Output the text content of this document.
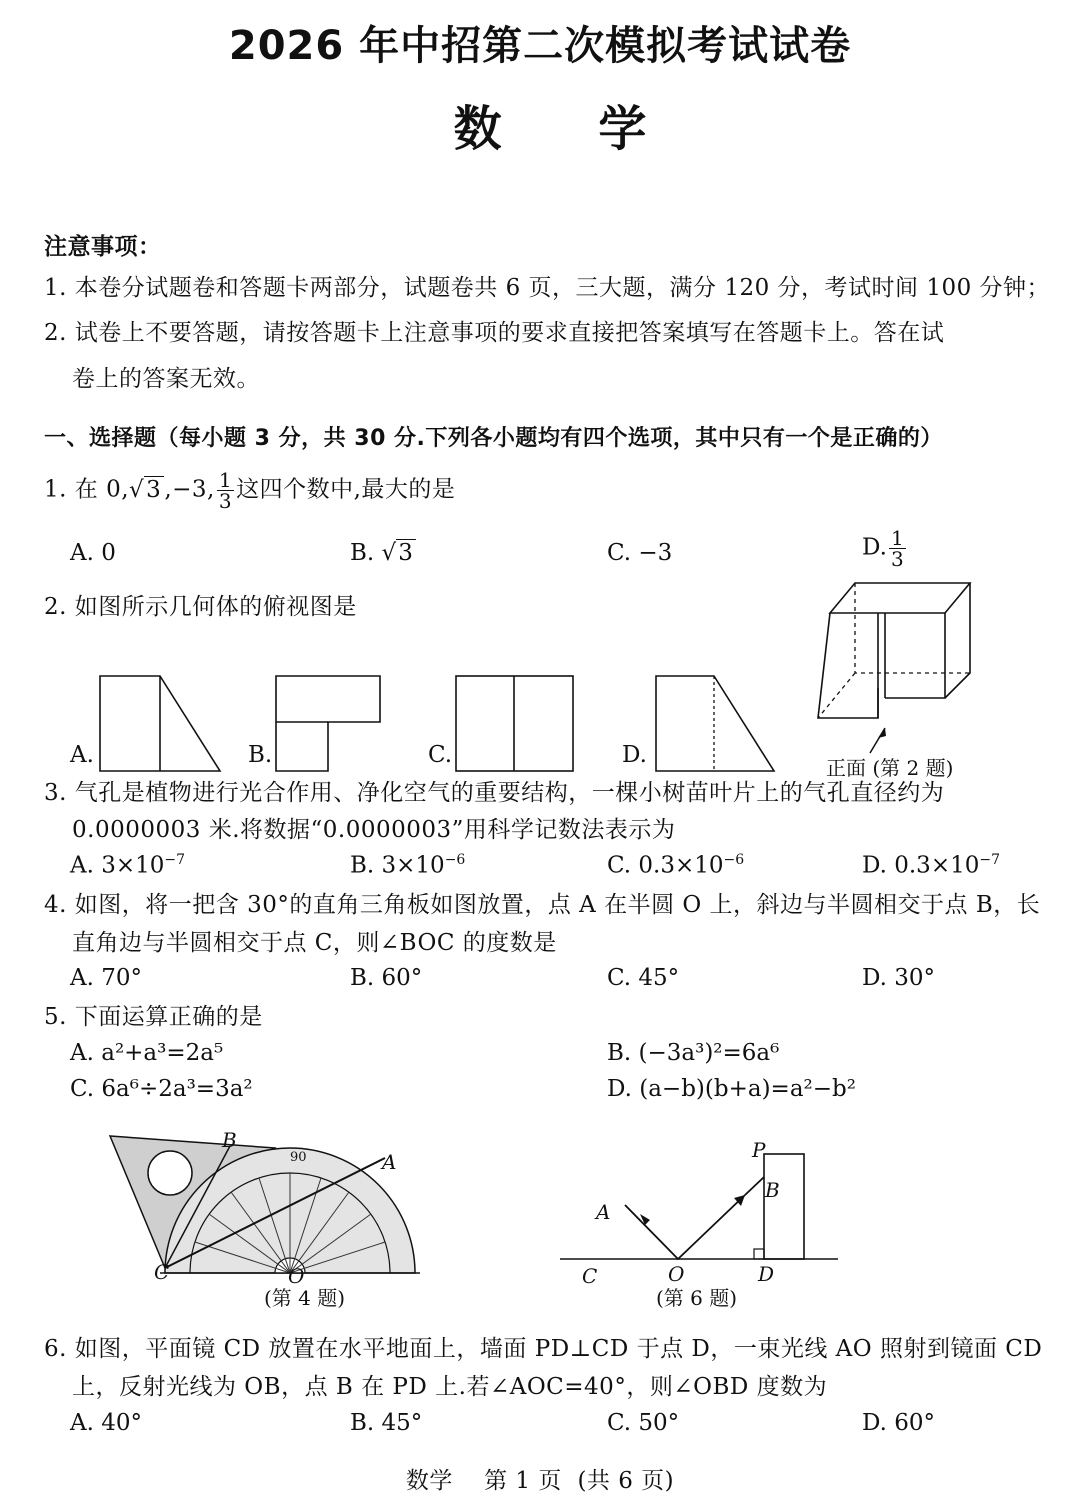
2026 年中招第二次模拟考试试卷
数 学
注意事项：
1. 本卷分试题卷和答题卡两部分，试题卷共 6 页，三大题，满分 120 分，考试时间 100 分钟；
2. 试卷上不要答题，请按答题卡上注意事项的要求直接把答案填写在答题卡上。答在试
卷上的答案无效。
一、选择题（每小题 3 分，共 30 分.下列各小题均有四个选项，其中只有一个是正确的）
1. 在 0,√3 ,−3, $\frac{1}{3}$ 这四个数中,最大的是
A. 0	B. √3	C. −3	D. $\frac{1}{3}$
2. 如图所示几何体的俯视图是
正面 (第 2 题)
A.	B.	C.	D.
3. 气孔是植物进行光合作用、净化空气的重要结构，一棵小树苗叶片上的气孔直径约为
0.0000003 米.将数据“0.0000003”用科学记数法表示为
A. $3\times 10^{-7}$	B. $3\times 10^{-6}$	C. $0.3\times 10^{-6}$	D. $0.3\times 10^{-7}$
4. 如图，将一把含 30°的直角三角板如图放置，点 A 在半圆 O 上，斜边与半圆相交于点 B，长
直角边与半圆相交于点 C，则∠BOC 的度数是
A. 70°	B. 60°	C. 45°	D. 30°
5. 下面运算正确的是
A. a²+a³=2a⁵	B. (−3a³)²=6a⁶
C. 6a⁶÷2a³=3a²	D. (a−b)(b+a)=a²−b²
B
A
C	O
90
(第 4 题)
P
B
A
C	O	D
(第 6 题)
6. 如图，平面镜 CD 放置在水平地面上，墙面 PD⊥CD 于点 D，一束光线 AO 照射到镜面 CD
上，反射光线为 OB，点 B 在 PD 上.若∠AOC=40°，则∠OBD 度数为
A. 40°	B. 45°	C. 50°	D. 60°
数学    第 1 页  (共 6 页)
